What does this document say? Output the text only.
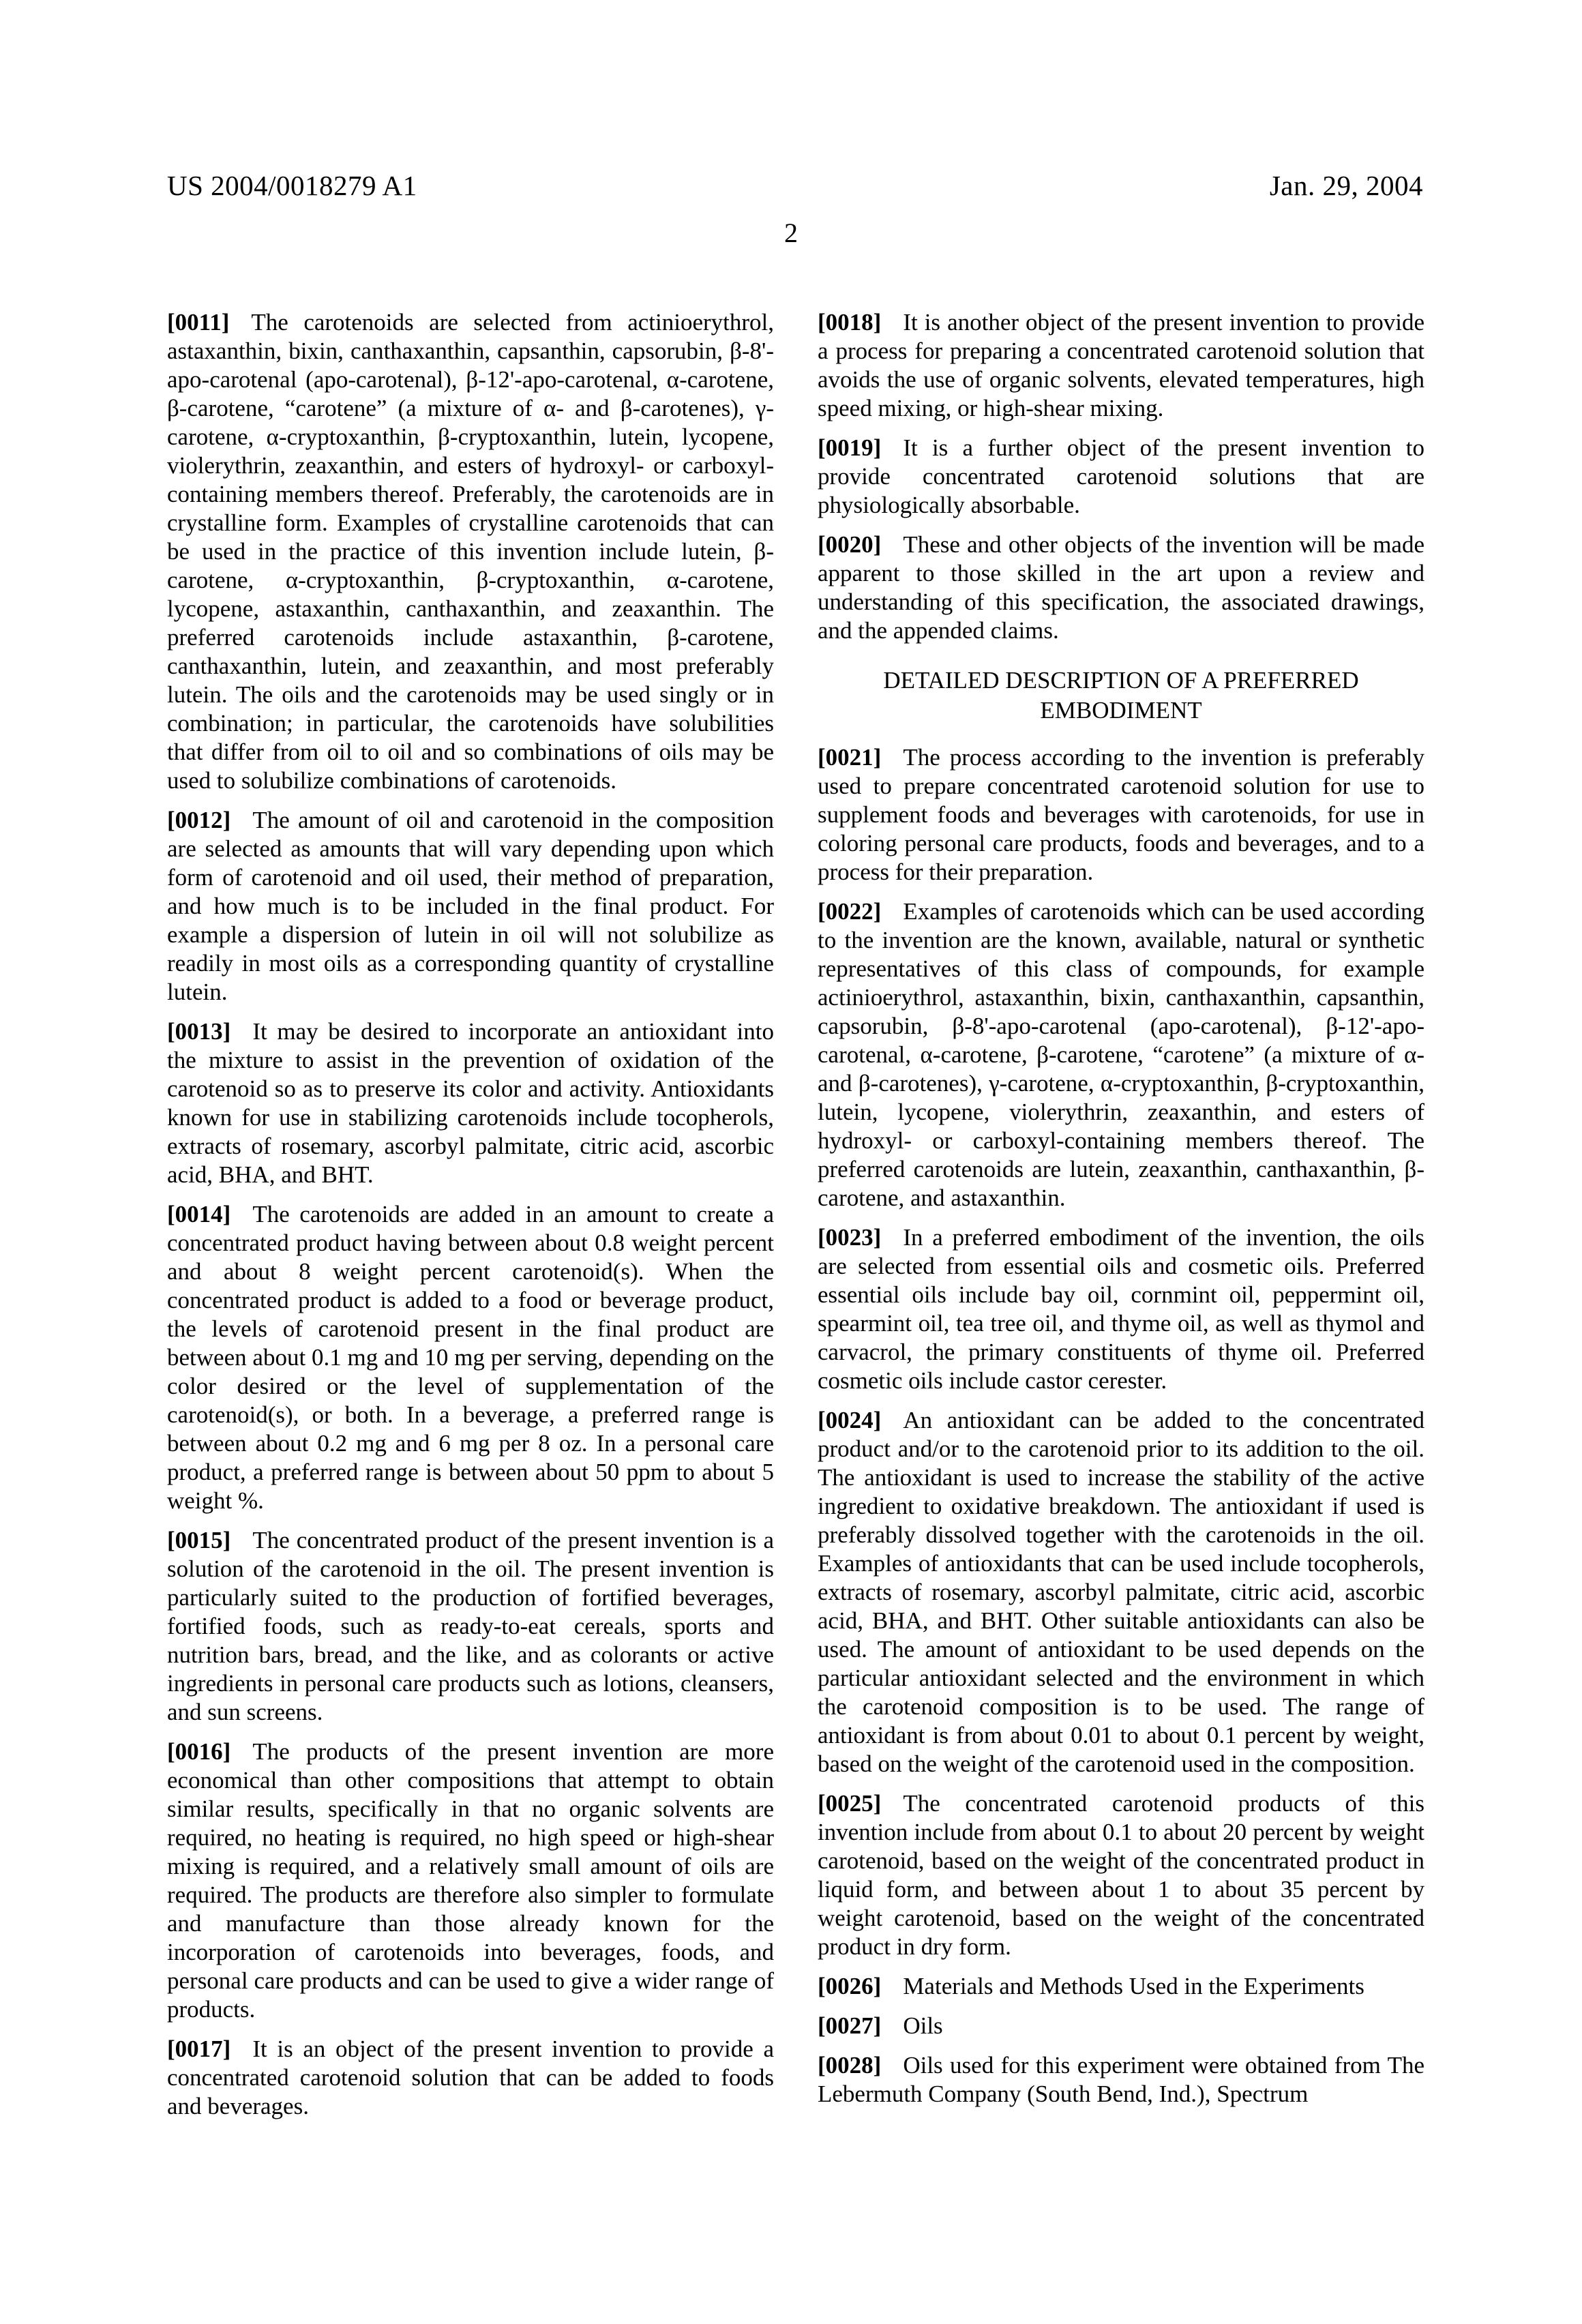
US 2004/0018279 A1	Jan. 29, 2004
2

[0011] The carotenoids are selected from actinioerythrol, astaxanthin, bixin, canthaxanthin, capsanthin, capsorubin, β-8'-apo-carotenal (apo-carotenal), β-12'-apo-carotenal, α-carotene, β-carotene, “carotene” (a mixture of α- and β-carotenes), γ-carotene, α-cryptoxanthin, β-cryptoxanthin, lutein, lycopene, violerythrin, zeaxanthin, and esters of hydroxyl- or carboxyl-containing members thereof. Preferably, the carotenoids are in crystalline form. Examples of crystalline carotenoids that can be used in the practice of this invention include lutein, β-carotene, α-cryptoxanthin, β-cryptoxanthin, α-carotene, lycopene, astaxanthin, canthaxanthin, and zeaxanthin. The preferred carotenoids include astaxanthin, β-carotene, canthaxanthin, lutein, and zeaxanthin, and most preferably lutein. The oils and the carotenoids may be used singly or in combination; in particular, the carotenoids have solubilities that differ from oil to oil and so combinations of oils may be used to solubilize combinations of carotenoids.

[0012] The amount of oil and carotenoid in the composition are selected as amounts that will vary depending upon which form of carotenoid and oil used, their method of preparation, and how much is to be included in the final product. For example a dispersion of lutein in oil will not solubilize as readily in most oils as a corresponding quantity of crystalline lutein.

[0013] It may be desired to incorporate an antioxidant into the mixture to assist in the prevention of oxidation of the carotenoid so as to preserve its color and activity. Antioxidants known for use in stabilizing carotenoids include tocopherols, extracts of rosemary, ascorbyl palmitate, citric acid, ascorbic acid, BHA, and BHT.

[0014] The carotenoids are added in an amount to create a concentrated product having between about 0.8 weight percent and about 8 weight percent carotenoid(s). When the concentrated product is added to a food or beverage product, the levels of carotenoid present in the final product are between about 0.1 mg and 10 mg per serving, depending on the color desired or the level of supplementation of the carotenoid(s), or both. In a beverage, a preferred range is between about 0.2 mg and 6 mg per 8 oz. In a personal care product, a preferred range is between about 50 ppm to about 5 weight %.

[0015] The concentrated product of the present invention is a solution of the carotenoid in the oil. The present invention is particularly suited to the production of fortified beverages, fortified foods, such as ready-to-eat cereals, sports and nutrition bars, bread, and the like, and as colorants or active ingredients in personal care products such as lotions, cleansers, and sun screens.

[0016] The products of the present invention are more economical than other compositions that attempt to obtain similar results, specifically in that no organic solvents are required, no heating is required, no high speed or high-shear mixing is required, and a relatively small amount of oils are required. The products are therefore also simpler to formulate and manufacture than those already known for the incorporation of carotenoids into beverages, foods, and personal care products and can be used to give a wider range of products.

[0017] It is an object of the present invention to provide a concentrated carotenoid solution that can be added to foods and beverages.

[0018] It is another object of the present invention to provide a process for preparing a concentrated carotenoid solution that avoids the use of organic solvents, elevated temperatures, high speed mixing, or high-shear mixing.

[0019] It is a further object of the present invention to provide concentrated carotenoid solutions that are physiologically absorbable.

[0020] These and other objects of the invention will be made apparent to those skilled in the art upon a review and understanding of this specification, the associated drawings, and the appended claims.

DETAILED DESCRIPTION OF A PREFERRED EMBODIMENT

[0021] The process according to the invention is preferably used to prepare concentrated carotenoid solution for use to supplement foods and beverages with carotenoids, for use in coloring personal care products, foods and beverages, and to a process for their preparation.

[0022] Examples of carotenoids which can be used according to the invention are the known, available, natural or synthetic representatives of this class of compounds, for example actinioerythrol, astaxanthin, bixin, canthaxanthin, capsanthin, capsorubin, β-8'-apo-carotenal (apo-carotenal), β-12'-apo-carotenal, α-carotene, β-carotene, “carotene” (a mixture of α- and β-carotenes), γ-carotene, α-cryptoxanthin, β-cryptoxanthin, lutein, lycopene, violerythrin, zeaxanthin, and esters of hydroxyl- or carboxyl-containing members thereof. The preferred carotenoids are lutein, zeaxanthin, canthaxanthin, β-carotene, and astaxanthin.

[0023] In a preferred embodiment of the invention, the oils are selected from essential oils and cosmetic oils. Preferred essential oils include bay oil, cornmint oil, peppermint oil, spearmint oil, tea tree oil, and thyme oil, as well as thymol and carvacrol, the primary constituents of thyme oil. Preferred cosmetic oils include castor cerester.

[0024] An antioxidant can be added to the concentrated product and/or to the carotenoid prior to its addition to the oil. The antioxidant is used to increase the stability of the active ingredient to oxidative breakdown. The antioxidant if used is preferably dissolved together with the carotenoids in the oil. Examples of antioxidants that can be used include tocopherols, extracts of rosemary, ascorbyl palmitate, citric acid, ascorbic acid, BHA, and BHT. Other suitable antioxidants can also be used. The amount of antioxidant to be used depends on the particular antioxidant selected and the environment in which the carotenoid composition is to be used. The range of antioxidant is from about 0.01 to about 0.1 percent by weight, based on the weight of the carotenoid used in the composition.

[0025] The concentrated carotenoid products of this invention include from about 0.1 to about 20 percent by weight carotenoid, based on the weight of the concentrated product in liquid form, and between about 1 to about 35 percent by weight carotenoid, based on the weight of the concentrated product in dry form.

[0026] Materials and Methods Used in the Experiments

[0027] Oils

[0028] Oils used for this experiment were obtained from The Lebermuth Company (South Bend, Ind.), Spectrum
